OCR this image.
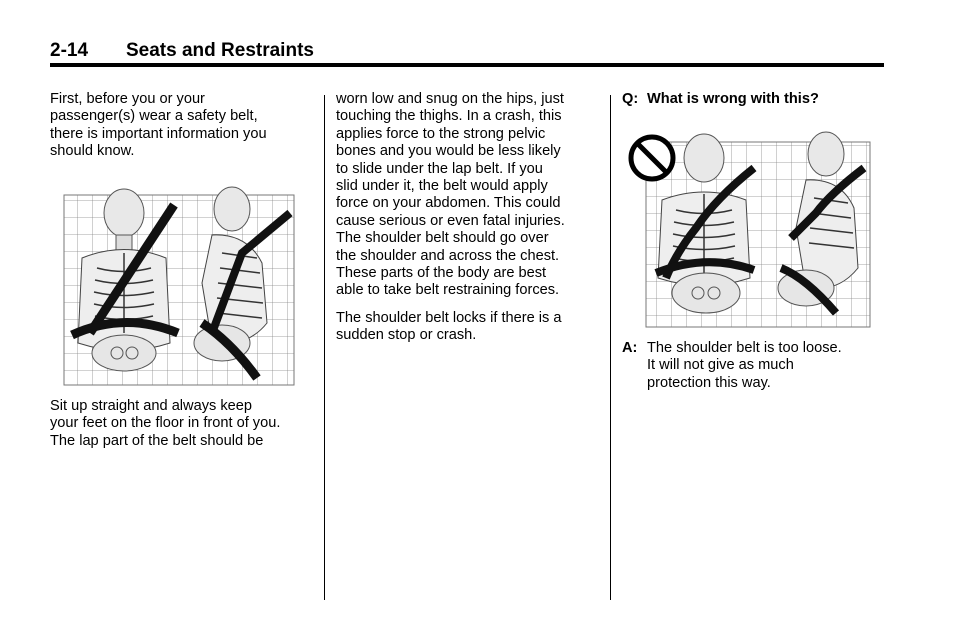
2-14 Seats and Restraints
First, before you or your
passenger(s) wear a safety belt,
there is important information you
should know.
Sit up straight and always keep
your feet on the floor in front of you.
The lap part of the belt should be
worn low and snug on the hips, just
touching the thighs. In a crash, this
applies force to the strong pelvic
bones and you would be less likely
to slide under the lap belt. If you
slid under it, the belt would apply
force on your abdomen. This could
cause serious or even fatal injuries.
The shoulder belt should go over
the shoulder and across the chest.
These parts of the body are best
able to take belt restraining forces.
The shoulder belt locks if there is a
sudden stop or crash.
Q: What is wrong with this?
A: The shoulder belt is too loose.
It will not give as much
protection this way.
